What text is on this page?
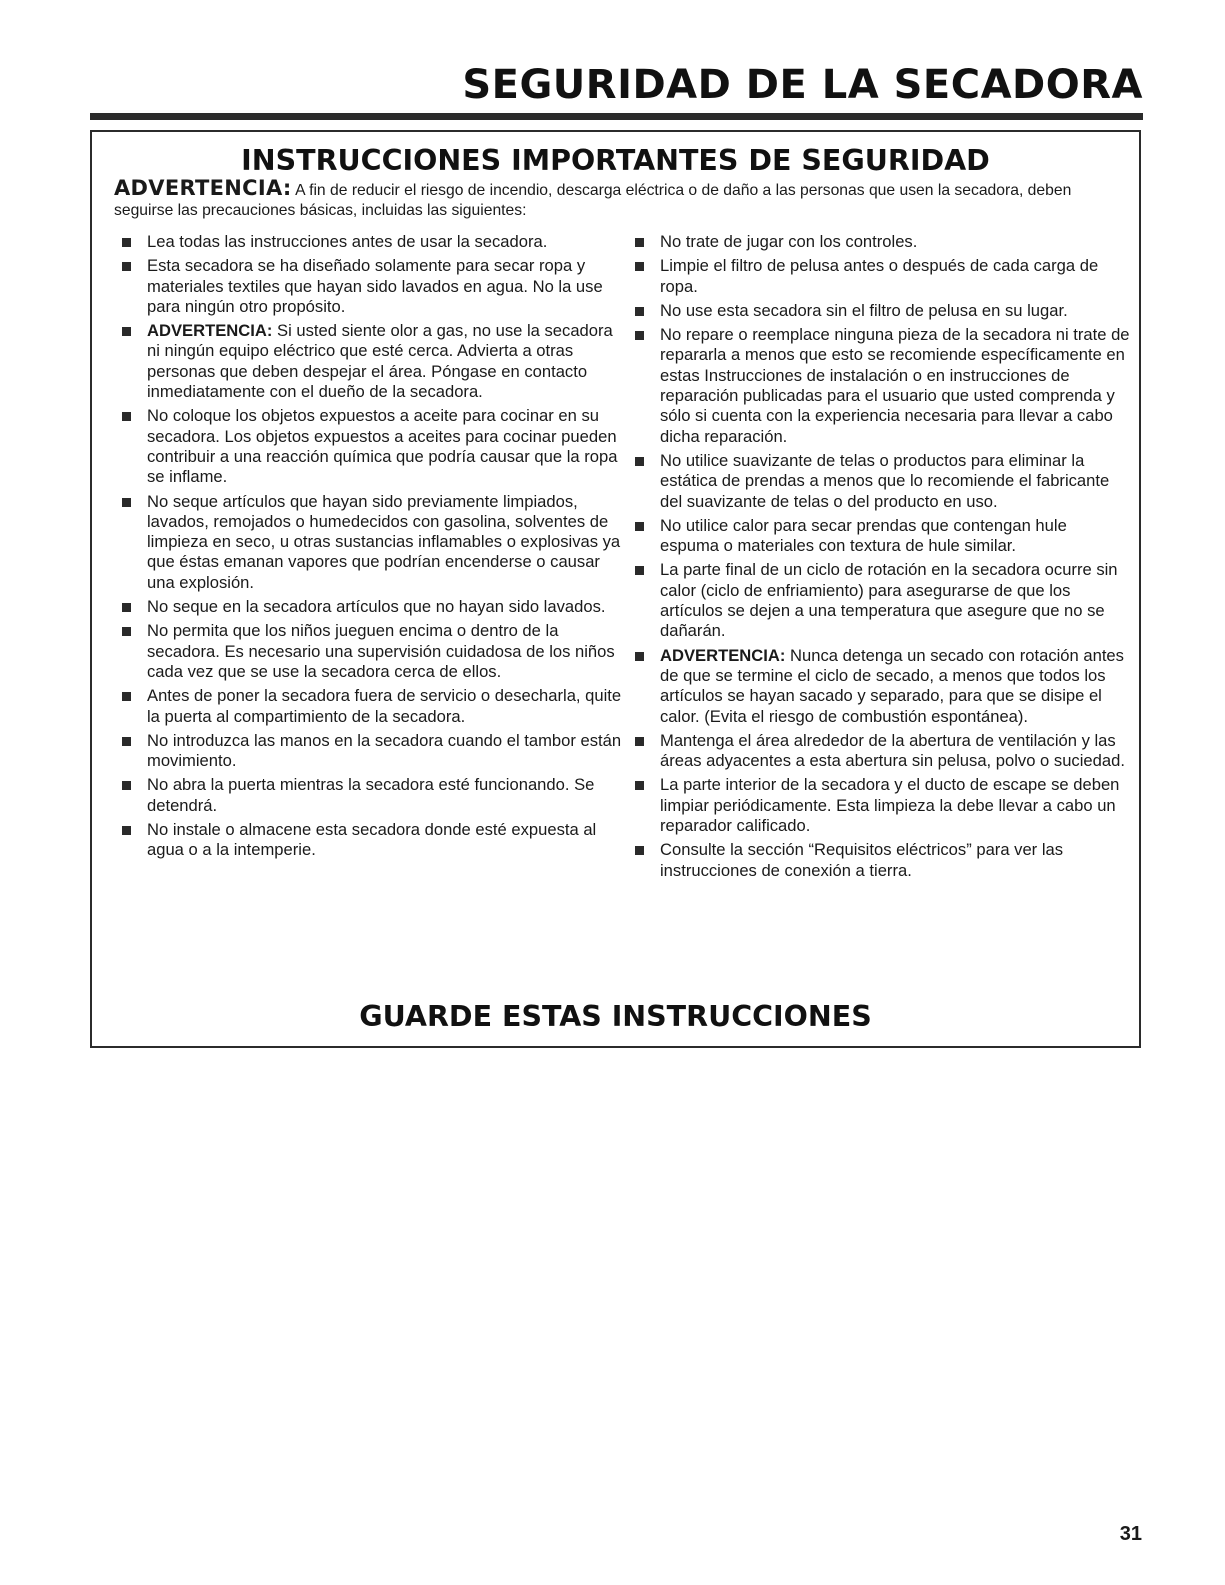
SEGURIDAD DE LA SECADORA
INSTRUCCIONES IMPORTANTES DE SEGURIDAD

ADVERTENCIA: A fin de reducir el riesgo de incendio, descarga eléctrica o de daño a las personas que usen la secadora, deben seguirse las precauciones básicas, incluidas las siguientes:

Lea todas las instrucciones antes de usar la secadora.
Esta secadora se ha diseñado solamente para secar ropa y materiales textiles que hayan sido lavados en agua. No la use para ningún otro propósito.
ADVERTENCIA: Si usted siente olor a gas, no use la secadora ni ningún equipo eléctrico que esté cerca. Advierta a otras personas que deben despejar el área. Póngase en contacto inmediatamente con el dueño de la secadora.
No coloque los objetos expuestos a aceite para cocinar en su secadora. Los objetos expuestos a aceites para cocinar pueden contribuir a una reacción química que podría causar que la ropa se inflame.
No seque artículos que hayan sido previamente limpiados, lavados, remojados o humedecidos con gasolina, solventes de limpieza en seco, u otras sustancias inflamables o explosivas ya que éstas emanan vapores que podrían encenderse o causar una explosión.
No seque en la secadora artículos que no hayan sido lavados.
No permita que los niños jueguen encima o dentro de la secadora. Es necesario una supervisión cuidadosa de los niños cada vez que se use la secadora cerca de ellos.
Antes de poner la secadora fuera de servicio o desecharla, quite la puerta al compartimiento de la secadora.
No introduzca las manos en la secadora cuando el tambor están movimiento.
No abra la puerta mientras la secadora esté funcionando. Se detendrá.
No instale o almacene esta secadora donde esté expuesta al agua o a la intemperie.
No trate de jugar con los controles.
Limpie el filtro de pelusa antes o después de cada carga de ropa.
No use esta secadora sin el filtro de pelusa en su lugar.
No repare o reemplace ninguna pieza de la secadora ni trate de repararla a menos que esto se recomiende específicamente en estas Instrucciones de instalación o en instrucciones de reparación publicadas para el usuario que usted comprenda y sólo si cuenta con la experiencia necesaria para llevar a cabo dicha reparación.
No utilice suavizante de telas o productos para eliminar la estática de prendas a menos que lo recomiende el fabricante del suavizante de telas o del producto en uso.
No utilice calor para secar prendas que contengan hule espuma o materiales con textura de hule similar.
La parte final de un ciclo de rotación en la secadora ocurre sin calor (ciclo de enfriamiento) para asegurarse de que los artículos se dejen a una temperatura que asegure que no se dañarán.
ADVERTENCIA: Nunca detenga un secado con rotación antes de que se termine el ciclo de secado, a menos que todos los artículos se hayan sacado y separado, para que se disipe el calor. (Evita el riesgo de combustión espontánea).
Mantenga el área alrededor de la abertura de ventilación y las áreas adyacentes a esta abertura sin pelusa, polvo o suciedad.
La parte interior de la secadora y el ducto de escape se deben limpiar periódicamente. Esta limpieza la debe llevar a cabo un reparador calificado.
Consulte la sección “Requisitos eléctricos” para ver las instrucciones de conexión a tierra.
GUARDE ESTAS INSTRUCCIONES
31
